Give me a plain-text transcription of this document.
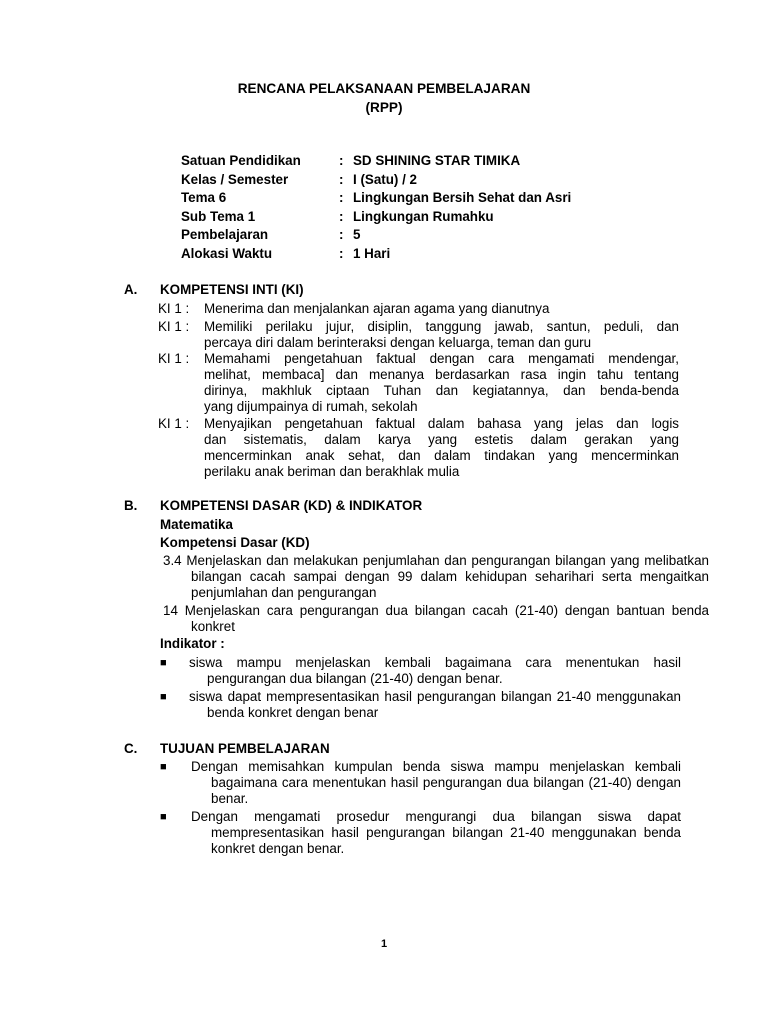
RENCANA PELAKSANAAN PEMBELAJARAN
(RPP)
Satuan Pendidikan	: SD SHINING STAR TIMIKA
Kelas / Semester	: I (Satu) / 2
Tema 6	: Lingkungan Bersih Sehat dan Asri
Sub Tema 1	: Lingkungan Rumahku
Pembelajaran	: 5
Alokasi Waktu	: 1 Hari
A.	KOMPETENSI INTI (KI)
KI 1 :	Menerima dan menjalankan ajaran agama yang dianutnya
KI 1 :	Memiliki perilaku jujur, disiplin, tanggung jawab, santun, peduli, dan
percaya diri dalam berinteraksi dengan keluarga, teman dan guru
KI 1 :	Memahami pengetahuan faktual dengan cara mengamati mendengar,
melihat, membaca] dan menanya berdasarkan rasa ingin tahu tentang
dirinya, makhluk ciptaan Tuhan dan kegiatannya, dan benda-benda
yang dijumpainya di rumah, sekolah
KI 1 :	Menyajikan pengetahuan faktual dalam bahasa yang jelas dan logis
dan sistematis, dalam karya yang estetis dalam gerakan yang
mencerminkan anak sehat, dan dalam tindakan yang mencerminkan
perilaku anak beriman dan berakhlak mulia
B.	KOMPETENSI DASAR (KD) & INDIKATOR
Matematika
Kompetensi Dasar (KD)
3.4 Menjelaskan dan melakukan penjumlahan dan pengurangan bilangan yang melibatkan bilangan cacah sampai dengan 99 dalam kehidupan seharihari serta mengaitkan penjumlahan dan pengurangan
14 Menjelaskan cara pengurangan dua bilangan cacah (21-40) dengan bantuan benda konkret
Indikator :
■	siswa mampu menjelaskan kembali bagaimana cara menentukan hasil pengurangan dua bilangan (21-40) dengan benar.
■	siswa dapat mempresentasikan hasil pengurangan bilangan 21-40 menggunakan benda konkret dengan benar
C.	TUJUAN PEMBELAJARAN
■	Dengan memisahkan kumpulan benda siswa mampu menjelaskan kembali bagaimana cara menentukan hasil pengurangan dua bilangan (21-40) dengan benar.
■	Dengan mengamati prosedur mengurangi dua bilangan siswa dapat mempresentasikan hasil pengurangan bilangan 21-40 menggunakan benda konkret dengan benar.
1
